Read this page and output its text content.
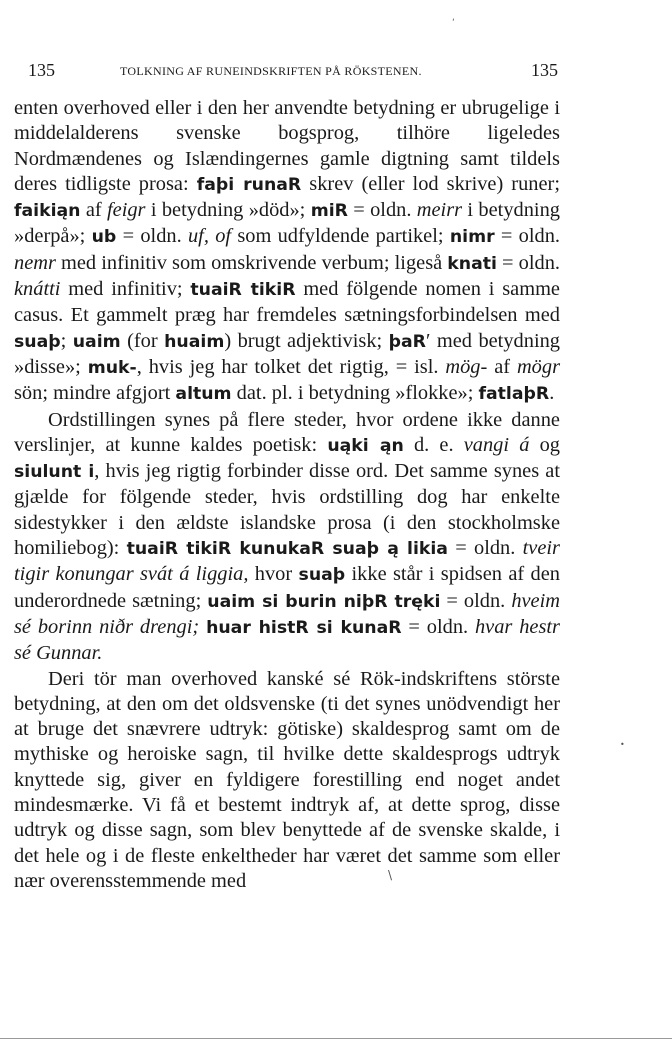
135	TOLKNING AF RUNEINDSKRIFTEN PÅ RÖKSTENEN.	135

enten overhoved eller i den her anvendte betydning er ubrugelige i middelalderens svenske bogsprog, tilhöre ligeledes Nordmændenes og Islændingernes gamle digtning samt tildels deres tidligste prosa: faþi runaR skrev (eller lod skrive) runer; faikiąn af feigr i betydning »död»; miR = oldn. meirr i betydning »derpå»; ub = oldn. uf, of som udfyldende partikel; nimr = oldn. nemr med infinitiv som omskrivende verbum; ligeså knati = oldn. knátti med infinitiv; tuaiR tikiR med fölgende nomen i samme casus. Et gammelt præg har fremdeles sætningsforbindelsen med suaþ; uaim (for huaim) brugt adjektivisk; þaR′ med betydning »disse»; muk-, hvis jeg har tolket det rigtig, = isl. mög- af mögr sön; mindre afgjort altum dat. pl. i betydning »flokke»; fatlaþR.

Ordstillingen synes på flere steder, hvor ordene ikke danne verslinjer, at kunne kaldes poetisk: uąki ąn d. e. vangi á og siulunt i, hvis jeg rigtig forbinder disse ord. Det samme synes at gjælde for fölgende steder, hvis ordstilling dog har enkelte sidestykker i den ældste islandske prosa (i den stockholmske homiliebog): tuaiR tikiR kunukaR suaþ ą likia = oldn. tveir tigir konungar svát á liggia, hvor suaþ ikke står i spidsen af den underordnede sætning; uaim si burin niþR tręki = oldn. hveim sé borinn niðr drengi; huar histR si kunaR = oldn. hvar hestr sé Gunnar.

Deri tör man overhoved kanské sé Rök-indskriftens störste betydning, at den om det oldsvenske (ti det synes unödvendigt her at bruge det snævrere udtryk: götiske) skaldesprog samt om de mythiske og heroiske sagn, til hvilke dette skaldesprogs udtryk knyttede sig, giver en fyldigere forestilling end noget andet mindesmærke. Vi få et bestemt indtryk af, at dette sprog, disse udtryk og disse sagn, som blev benyttede af de svenske skalde, i det hele og i de fleste enkeltheder har været det samme som eller nær overensstemmende med

‘
•
\
